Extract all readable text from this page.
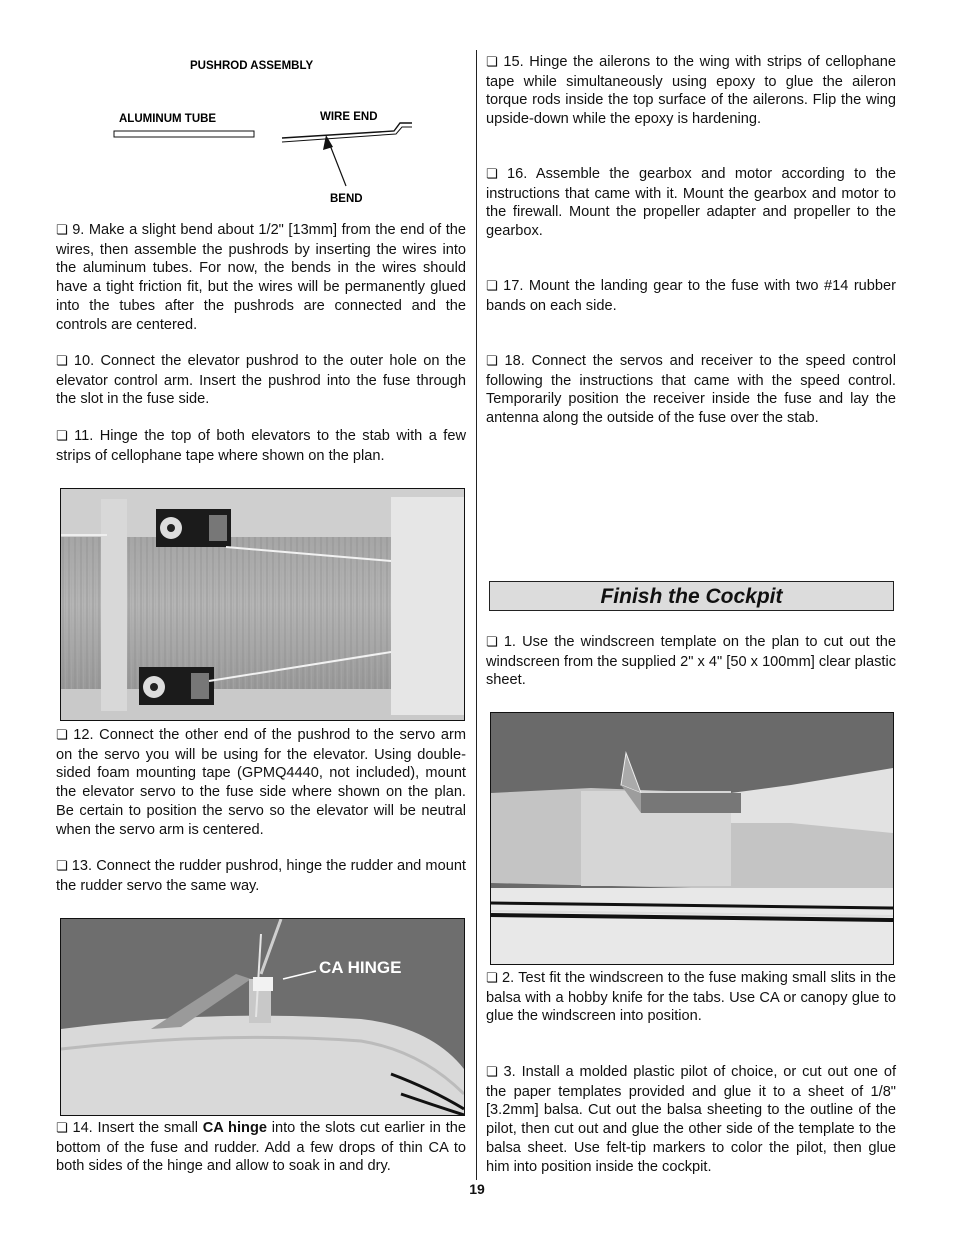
PUSHROD ASSEMBLY
ALUMINUM TUBE	WIRE END
BEND

❏ 9. Make a slight bend about 1/2" [13mm] from the end of the wires, then assemble the pushrods by inserting the wires into the aluminum tubes. For now, the bends in the wires should have a tight friction fit, but the wires will be permanently glued into the tubes after the pushrods are connected and the controls are centered.

❏ 10. Connect the elevator pushrod to the outer hole on the elevator control arm. Insert the pushrod into the fuse through the slot in the fuse side.

❏ 11. Hinge the top of both elevators to the stab with a few strips of cellophane tape where shown on the plan.

❏ 12. Connect the other end of the pushrod to the servo arm on the servo you will be using for the elevator. Using double-sided foam mounting tape (GPMQ4440, not included), mount the elevator servo to the fuse side where shown on the plan. Be certain to position the servo so the elevator will be neutral when the servo arm is centered.

❏ 13. Connect the rudder pushrod, hinge the rudder and mount the rudder servo the same way.

CA HINGE

❏ 14. Insert the small CA hinge into the slots cut earlier in the bottom of the fuse and rudder. Add a few drops of thin CA to both sides of the hinge and allow to soak in and dry.

❏ 15. Hinge the ailerons to the wing with strips of cellophane tape while simultaneously using epoxy to glue the aileron torque rods inside the top surface of the ailerons. Flip the wing upside-down while the epoxy is hardening.

❏ 16. Assemble the gearbox and motor according to the instructions that came with it. Mount the gearbox and motor to the firewall. Mount the propeller adapter and propeller to the gearbox.

❏ 17. Mount the landing gear to the fuse with two #14 rubber bands on each side.

❏ 18. Connect the servos and receiver to the speed control following the instructions that came with the speed control. Temporarily position the receiver inside the fuse and lay the antenna along the outside of the fuse over the stab.

Finish the Cockpit

❏ 1. Use the windscreen template on the plan to cut out the windscreen from the supplied 2" x 4" [50 x 100mm] clear plastic sheet.

❏ 2. Test fit the windscreen to the fuse making small slits in the balsa with a hobby knife for the tabs. Use CA or canopy glue to glue the windscreen into position.

❏ 3. Install a molded plastic pilot of choice, or cut out one of the paper templates provided and glue it to a sheet of 1/8" [3.2mm] balsa. Cut out the balsa sheeting to the outline of the pilot, then cut out and glue the other side of the template to the balsa sheet. Use felt-tip markers to color the pilot, then glue him into position inside the cockpit.

19
